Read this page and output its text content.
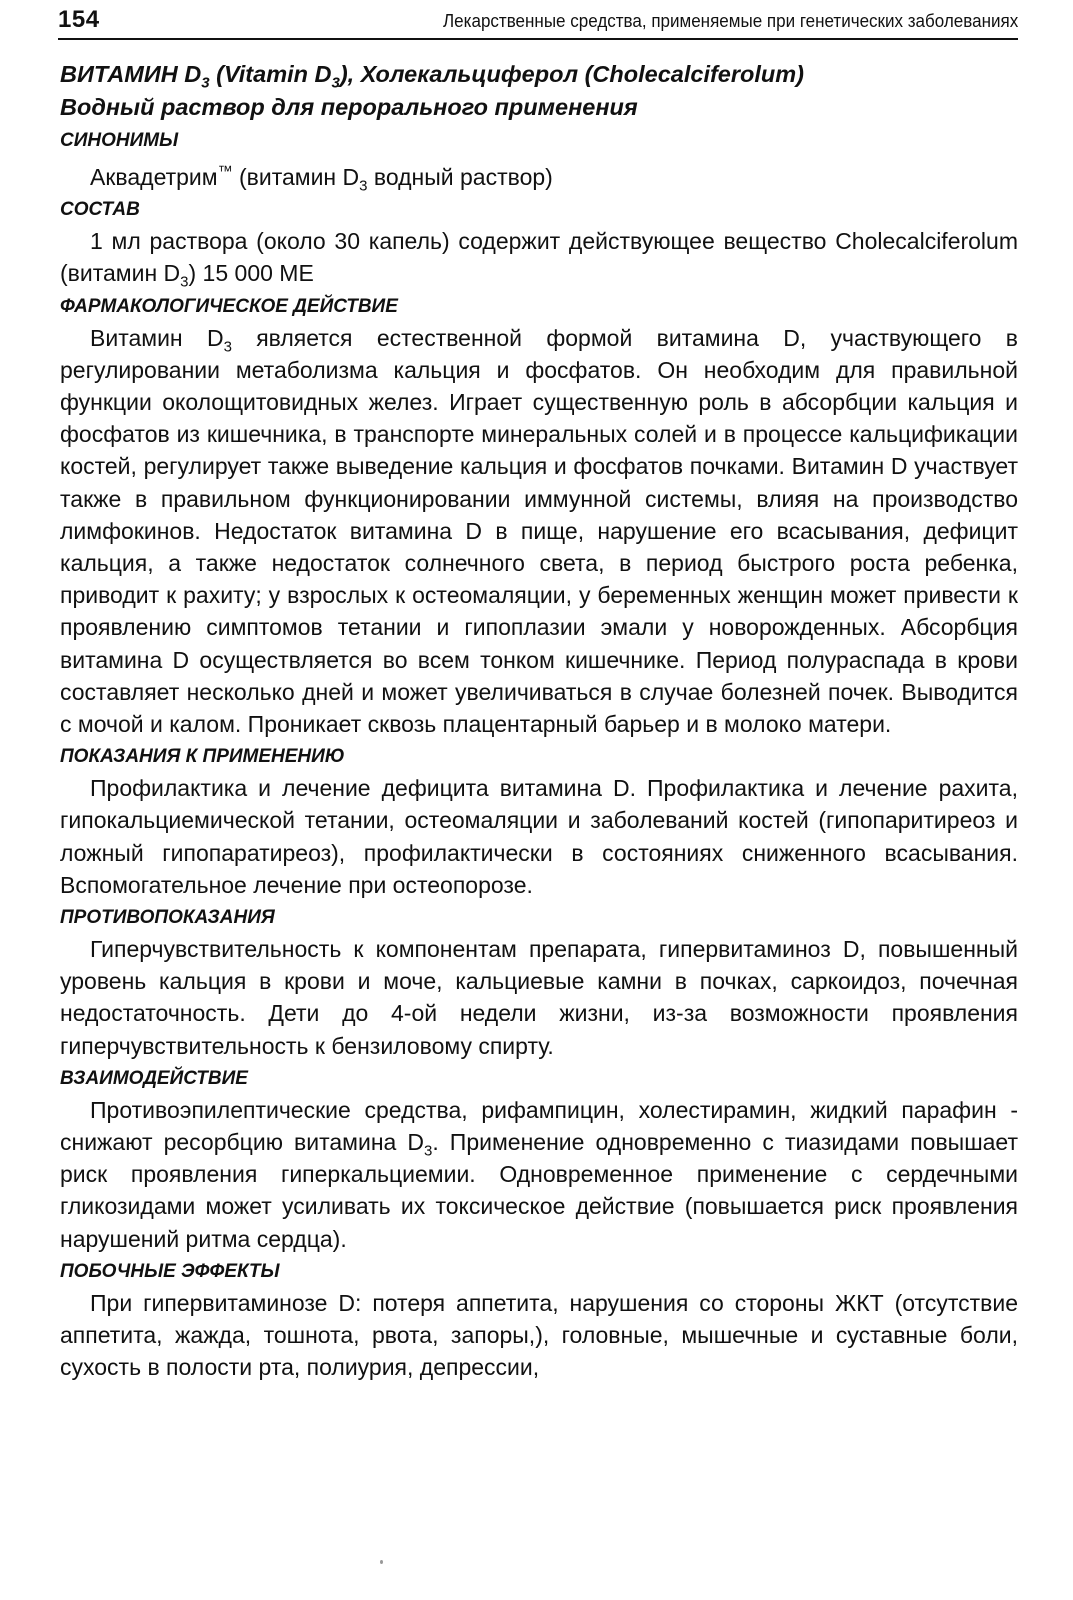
154	Лекарственные средства, применяемые при генетических заболеваниях
ВИТАМИН $D_3$ (Vitamin $D_3$), Холекальциферол (Cholecalciferolum)
Водный раствор для перорального применения
СИНОНИМЫ

Аквадетрим™ (витамин $D_3$ водный раствор)

СОСТАВ

1 мл раствора (около 30 капель) содержит действующее вещество Cholecalciferolum (витамин $D_3$) 15 000 МЕ

ФАРМАКОЛОГИЧЕСКОЕ ДЕЙСТВИЕ

Витамин $D_3$ является естественной формой витамина D, участвующего в регулировании метаболизма кальция и фосфатов. Он необходим для правильной функции околощитовидных желез. Играет существенную роль в абсорбции кальция и фосфатов из кишечника, в транспорте минеральных солей и в процессе кальцификации костей, регулирует также выведение кальция и фосфатов почками. Витамин D участвует также в правильном функционировании иммунной системы, влияя на производство лимфокинов. Недостаток витамина D в пище, нарушение его всасывания, дефицит кальция, а также недостаток солнечного света, в период быстрого роста ребенка, приводит к рахиту; у взрослых к остеомаляции, у беременных женщин может привести к проявлению симптомов тетании и гипоплазии эмали у новорожденных. Абсорбция витамина D осуществляется во всем тонком кишечнике. Период полураспада в крови составляет несколько дней и может увеличиваться в случае болезней почек. Выводится с мочой и калом. Проникает сквозь плацентарный барьер и в молоко матери.

ПОКАЗАНИЯ К ПРИМЕНЕНИЮ

Профилактика и лечение дефицита витамина D. Профилактика и лечение рахита, гипокальциемической тетании, остеомаляции и заболеваний костей (гипопаритиреоз и ложный гипопаратиреоз), профилактически в состояниях сниженного всасывания. Вспомогательное лечение при остеопорозе.

ПРОТИВОПОКАЗАНИЯ

Гиперчувствительность к компонентам препарата, гипервитаминоз D, повышенный уровень кальция в крови и моче, кальциевые камни в почках, саркоидоз, почечная недостаточность. Дети до 4-ой недели жизни, из-за возможности проявления гиперчувствительность к бензиловому спирту.

ВЗАИМОДЕЙСТВИЕ

Противоэпилептические средства, рифампицин, холестирамин, жидкий парафин - снижают ресорбцию витамина $D_3$. Применение одновременно с тиазидами повышает риск проявления гиперкальциемии. Одновременное применение с сердечными гликозидами может усиливать их токсическое действие (повышается риск проявления нарушений ритма сердца).

ПОБОЧНЫЕ ЭФФЕКТЫ

При гипервитаминозе D: потеря аппетита, нарушения со стороны ЖКТ (отсутствие аппетита, жажда, тошнота, рвота, запоры,), головные, мышечные и суставные боли, сухость в полости рта, полиурия, депрессии,
